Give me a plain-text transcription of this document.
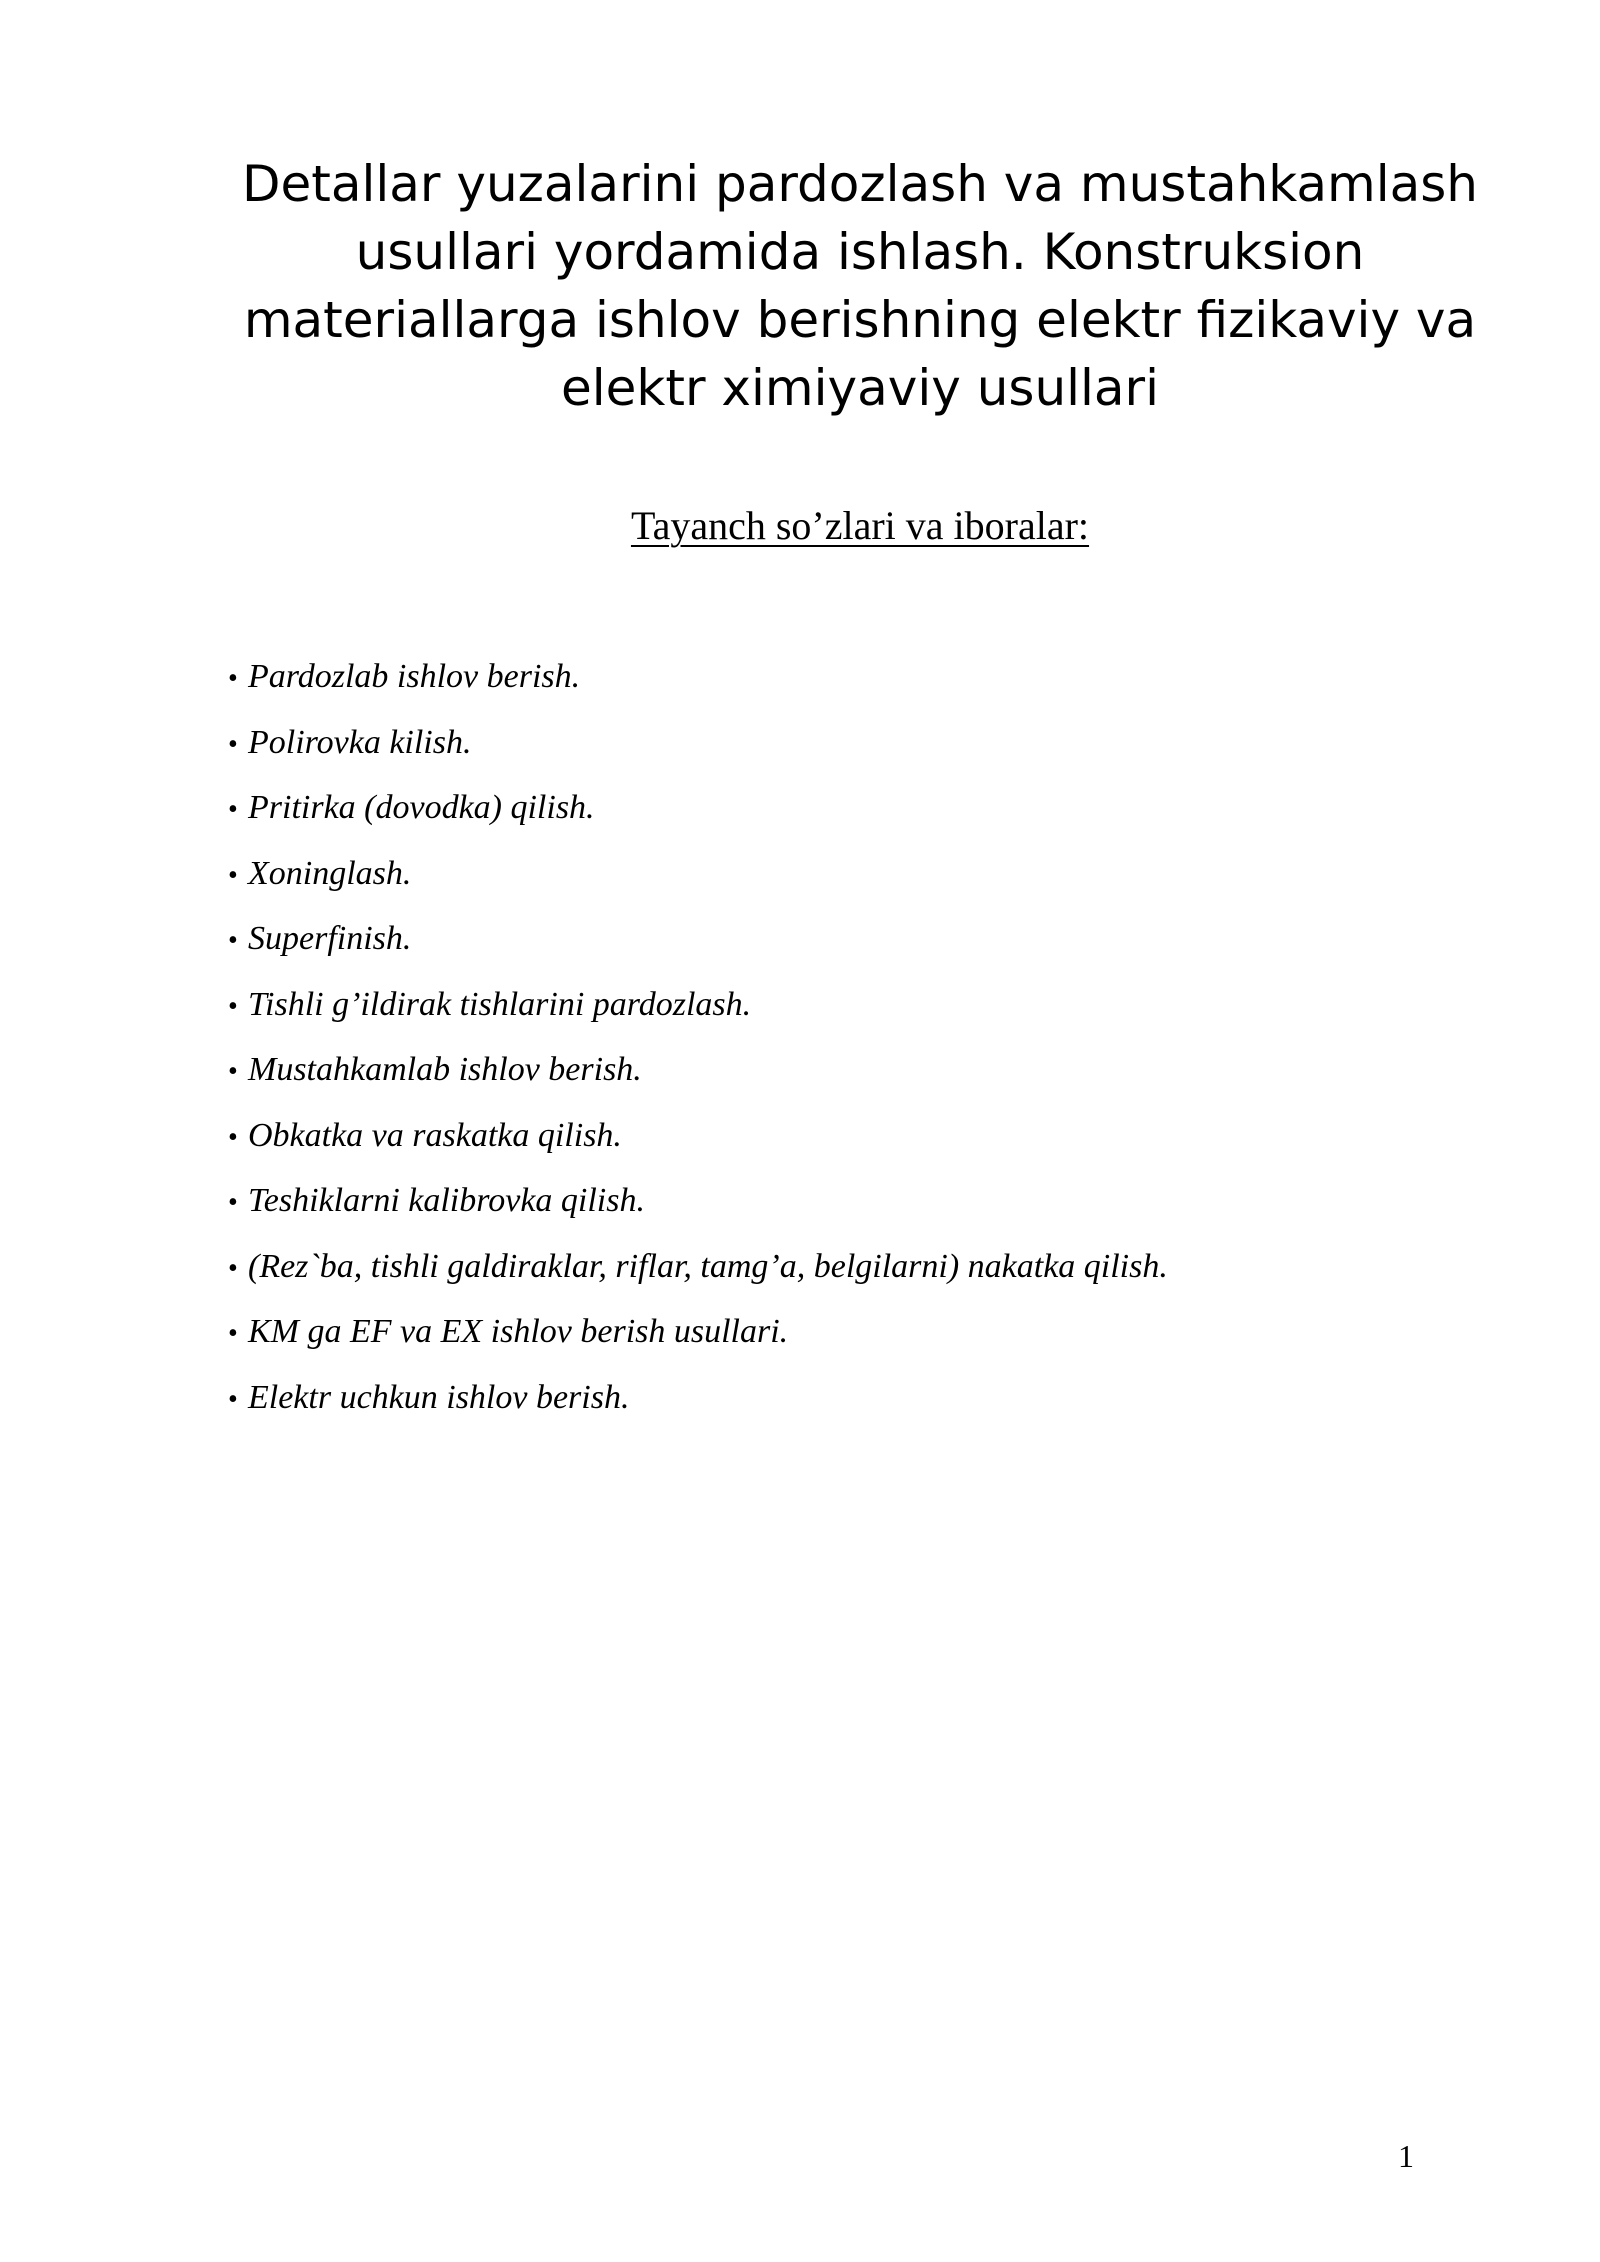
Detallar yuzalarini pardozlash va mustahkamlash usullari yordamida ishlash. Konstruksion materiallarga ishlov berishning elektr fizikaviy va elektr ximiyaviy usullari
Tayanch so’zlari va iboralar:
• Pardozlab ishlov berish.
• Polirovka kilish.
• Pritirka (dovodka) qilish.
• Xoninglash.
• Superfinish.
• Tishli g’ildirak tishlarini pardozlash.
• Mustahkamlab ishlov berish.
• Obkatka va raskatka qilish.
• Teshiklarni kalibrovka qilish.
• (Rez`ba, tishli galdiraklar, riflar, tamg’a, belgilarni) nakatka qilish.
• KM ga EF va EX ishlov berish usullari.
• Elektr uchkun ishlov berish.
1
